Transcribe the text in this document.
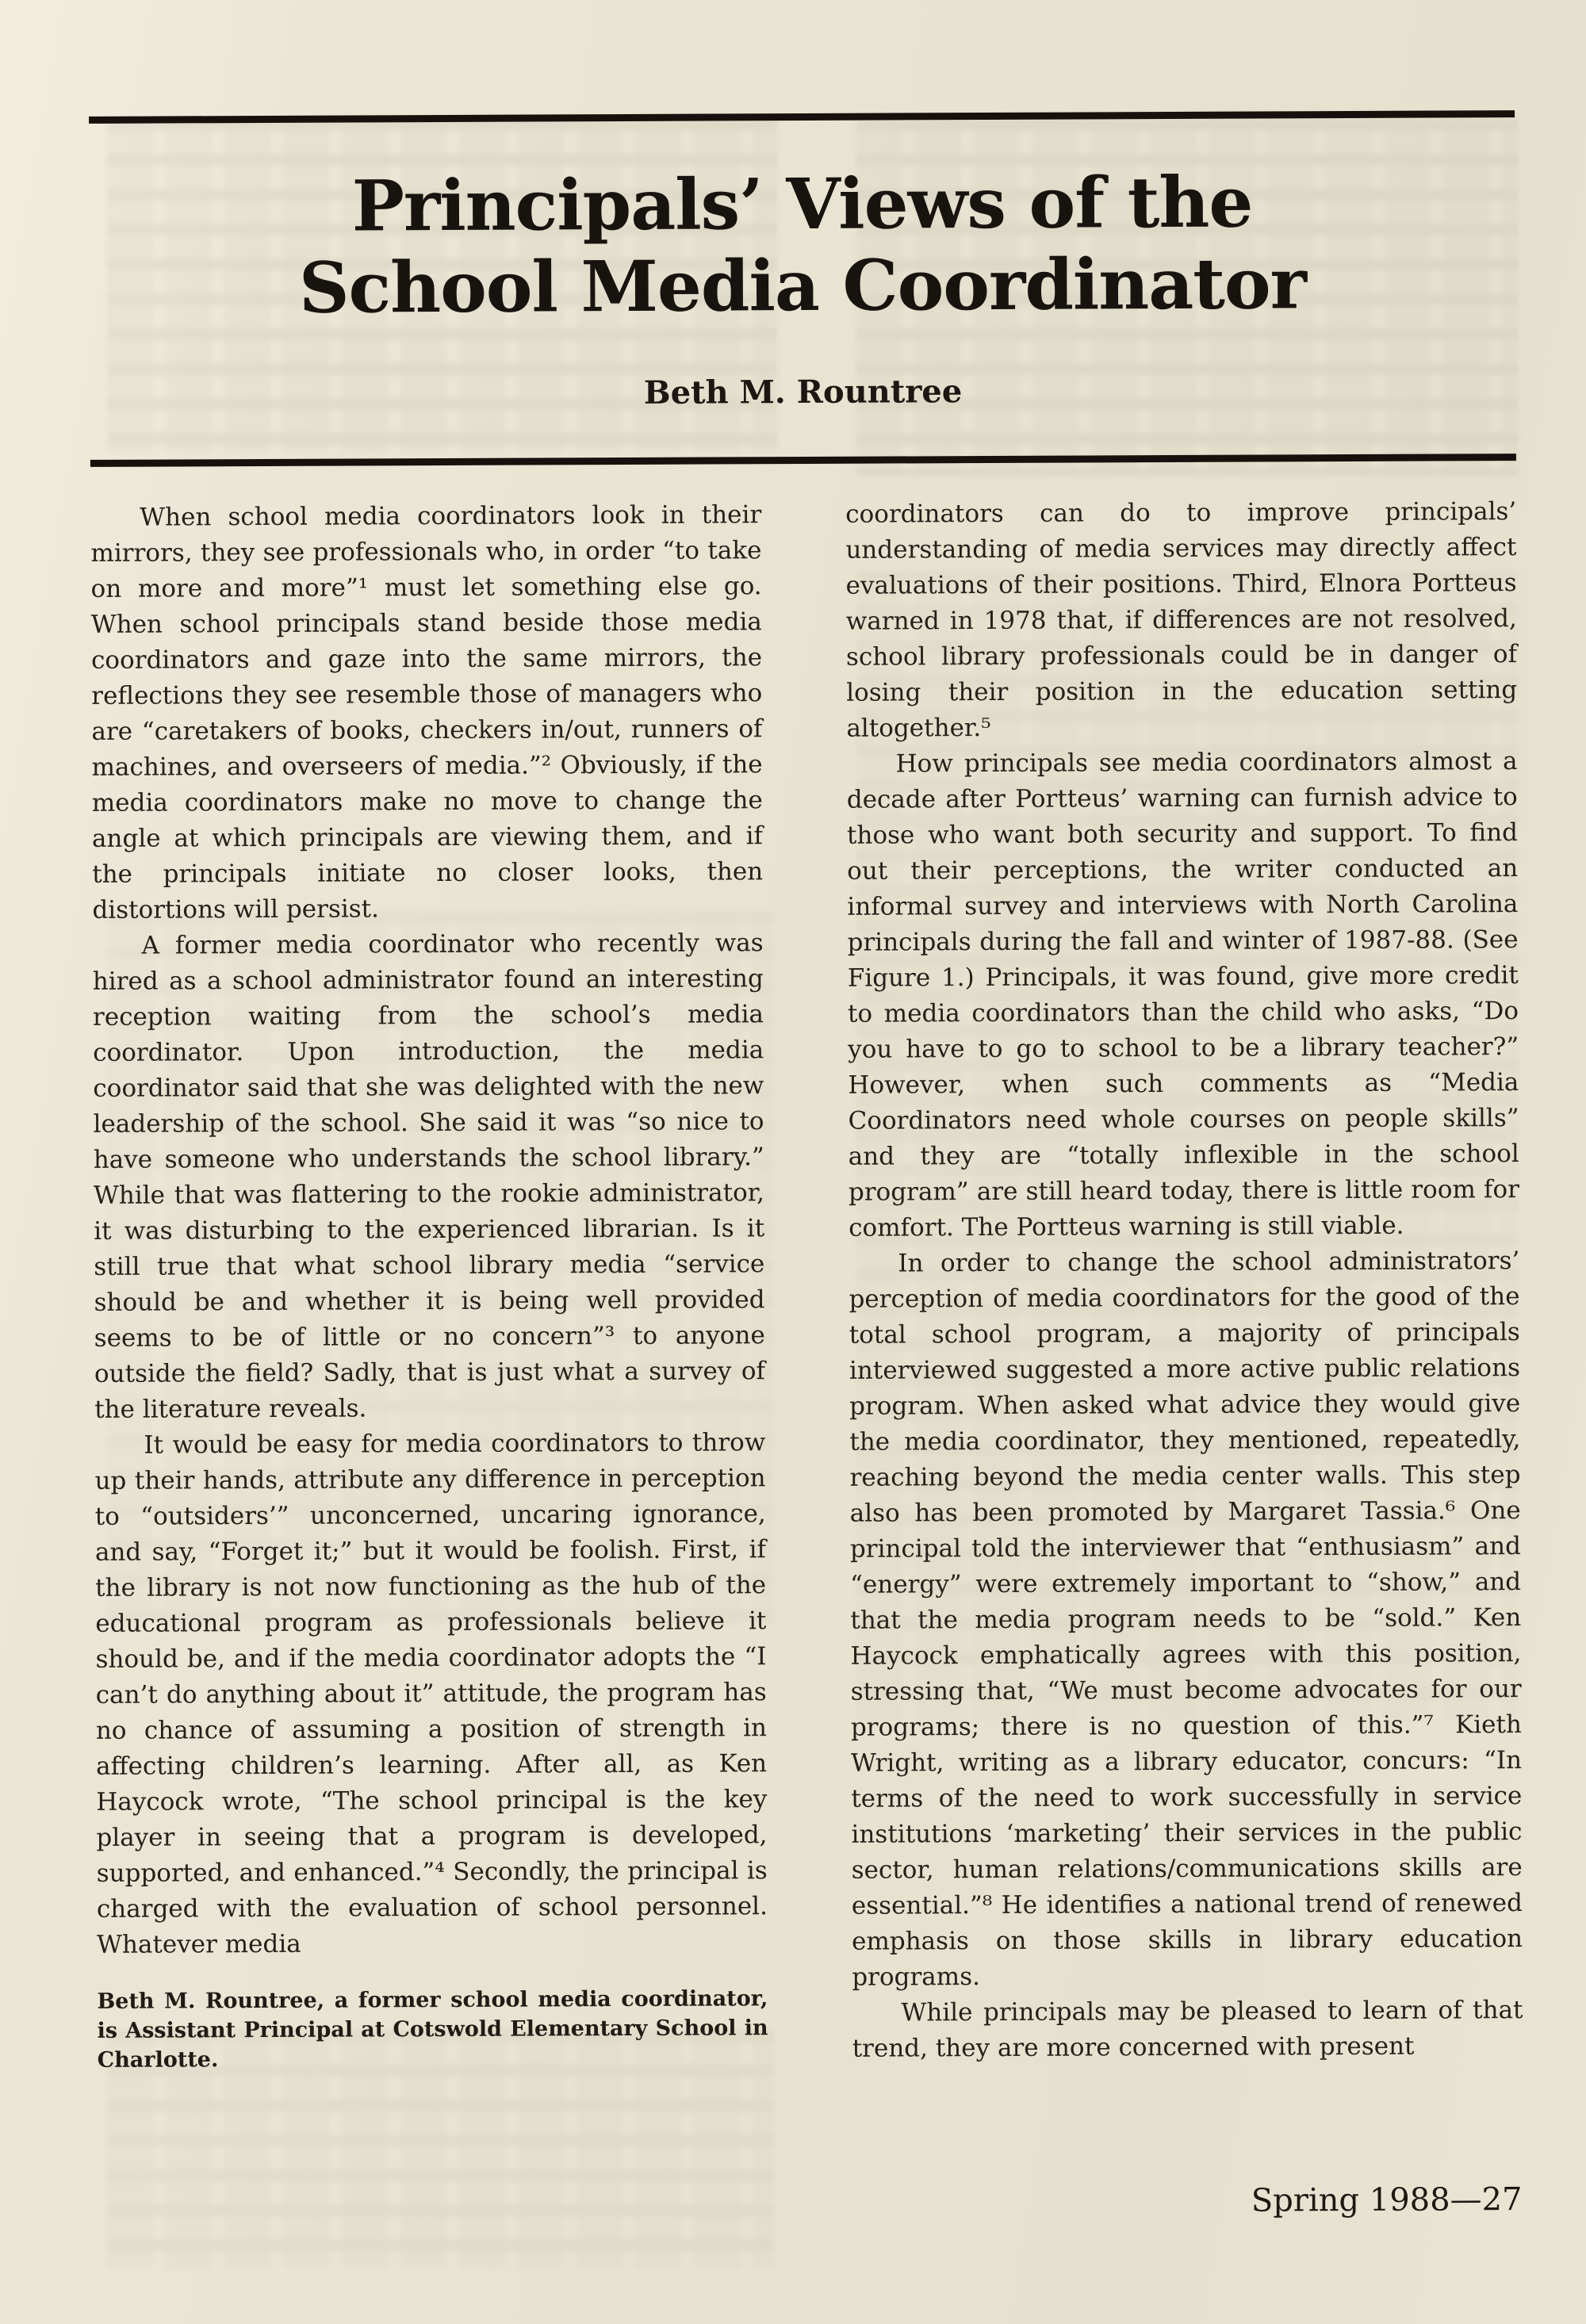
Principals’ Views of the
School Media Coordinator
Beth M. Rountree

When school media coordinators look in their mirrors, they see professionals who, in order “to take on more and more”¹ must let something else go. When school principals stand beside those media coordinators and gaze into the same mirrors, the reflections they see resemble those of managers who are “caretakers of books, checkers in/out, runners of machines, and overseers of media.”² Obviously, if the media coordinators make no move to change the angle at which principals are viewing them, and if the principals initiate no closer looks, then distortions will persist.

A former media coordinator who recently was hired as a school administrator found an interesting reception waiting from the school’s media coordinator. Upon introduction, the media coordinator said that she was delighted with the new leadership of the school. She said it was “so nice to have someone who understands the school library.” While that was flattering to the rookie administrator, it was disturbing to the experienced librarian. Is it still true that what school library media “service should be and whether it is being well provided seems to be of little or no concern”³ to anyone outside the field? Sadly, that is just what a survey of the literature reveals.

It would be easy for media coordinators to throw up their hands, attribute any difference in perception to “outsiders’” unconcerned, uncaring ignorance, and say, “Forget it;” but it would be foolish. First, if the library is not now functioning as the hub of the educational program as professionals believe it should be, and if the media coordinator adopts the “I can’t do anything about it” attitude, the program has no chance of assuming a position of strength in affecting children’s learning. After all, as Ken Haycock wrote, “The school principal is the key player in seeing that a program is developed, supported, and enhanced.”⁴ Secondly, the principal is charged with the evaluation of school personnel. Whatever media

Beth M. Rountree, a former school media coordinator, is Assistant Principal at Cotswold Elementary School in Charlotte.

coordinators can do to improve principals’ understanding of media services may directly affect evaluations of their positions. Third, Elnora Portteus warned in 1978 that, if differences are not resolved, school library professionals could be in danger of losing their position in the education setting altogether.⁵

How principals see media coordinators almost a decade after Portteus’ warning can furnish advice to those who want both security and support. To find out their perceptions, the writer conducted an informal survey and interviews with North Carolina principals during the fall and winter of 1987-88. (See Figure 1.) Principals, it was found, give more credit to media coordinators than the child who asks, “Do you have to go to school to be a library teacher?” However, when such comments as “Media Coordinators need whole courses on people skills” and they are “totally inflexible in the school program” are still heard today, there is little room for comfort. The Portteus warning is still viable.

In order to change the school administrators’ perception of media coordinators for the good of the total school program, a majority of principals interviewed suggested a more active public relations program. When asked what advice they would give the media coordinator, they mentioned, repeatedly, reaching beyond the media center walls. This step also has been promoted by Margaret Tassia.⁶ One principal told the interviewer that “enthusiasm” and “energy” were extremely important to “show,” and that the media program needs to be “sold.” Ken Haycock emphatically agrees with this position, stressing that, “We must become advocates for our programs; there is no question of this.”⁷ Kieth Wright, writing as a library educator, concurs: “In terms of the need to work successfully in service institutions ‘marketing’ their services in the public sector, human relations/communications skills are essential.”⁸ He identifies a national trend of renewed emphasis on those skills in library education programs.

While principals may be pleased to learn of that trend, they are more concerned with present

Spring 1988—27
